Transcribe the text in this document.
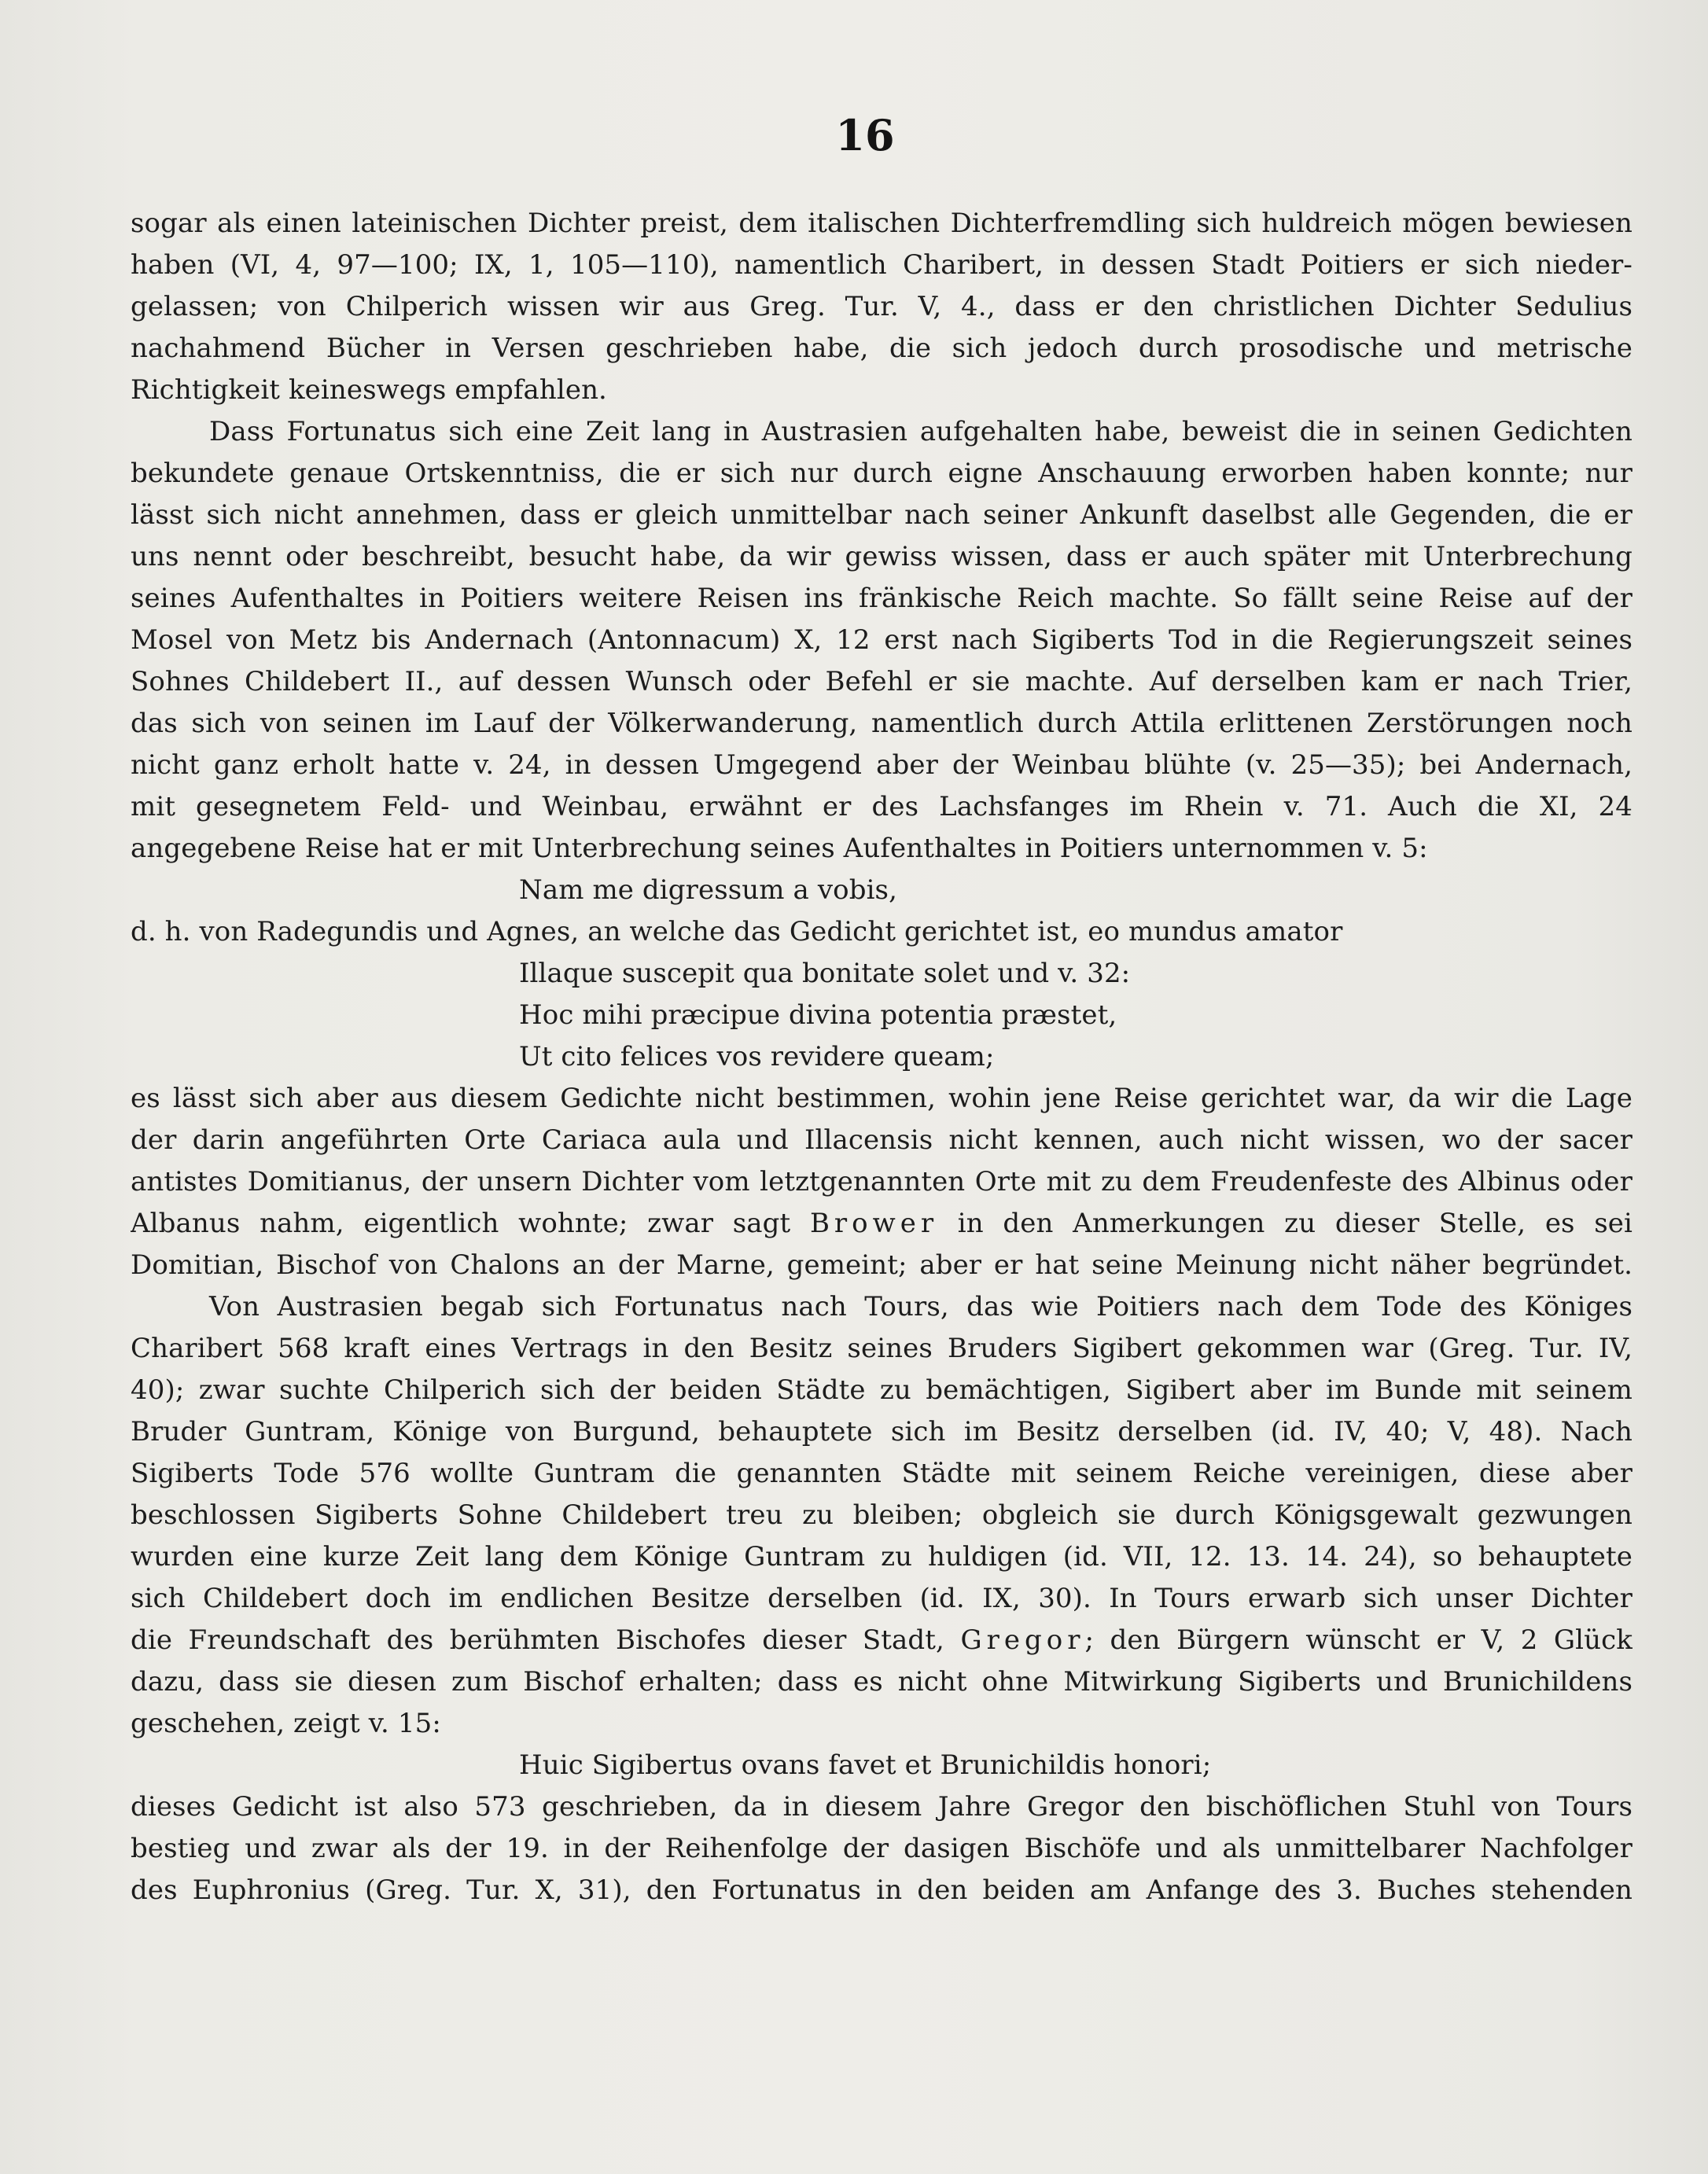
16
sogar als einen lateinischen Dichter preist, dem italischen Dichterfremdling sich huldreich mögen bewiesen
haben (VI, 4, 97—100; IX, 1, 105—110), namentlich Charibert, in dessen Stadt Poitiers er sich nieder-
gelassen; von Chilperich wissen wir aus Greg. Tur. V, 4., dass er den christlichen Dichter Sedulius
nachahmend Bücher in Versen geschrieben habe, die sich jedoch durch prosodische und metrische
Richtigkeit keineswegs empfahlen.
Dass Fortunatus sich eine Zeit lang in Austrasien aufgehalten habe, beweist die in seinen Gedichten
bekundete genaue Ortskenntniss, die er sich nur durch eigne Anschauung erworben haben konnte; nur
lässt sich nicht annehmen, dass er gleich unmittelbar nach seiner Ankunft daselbst alle Gegenden, die er
uns nennt oder beschreibt, besucht habe, da wir gewiss wissen, dass er auch später mit Unterbrechung
seines Aufenthaltes in Poitiers weitere Reisen ins fränkische Reich machte. So fällt seine Reise auf der
Mosel von Metz bis Andernach (Antonnacum) X, 12 erst nach Sigiberts Tod in die Regierungszeit seines
Sohnes Childebert II., auf dessen Wunsch oder Befehl er sie machte. Auf derselben kam er nach Trier,
das sich von seinen im Lauf der Völkerwanderung, namentlich durch Attila erlittenen Zerstörungen noch
nicht ganz erholt hatte v. 24, in dessen Umgegend aber der Weinbau blühte (v. 25—35); bei Andernach,
mit gesegnetem Feld- und Weinbau, erwähnt er des Lachsfanges im Rhein v. 71. Auch die XI, 24
angegebene Reise hat er mit Unterbrechung seines Aufenthaltes in Poitiers unternommen v. 5:
Nam me digressum a vobis,
d. h. von Radegundis und Agnes, an welche das Gedicht gerichtet ist, eo mundus amator
Illaque suscepit qua bonitate solet und v. 32:
Hoc mihi præcipue divina potentia præstet,
Ut cito felices vos revidere queam;
es lässt sich aber aus diesem Gedichte nicht bestimmen, wohin jene Reise gerichtet war, da wir die Lage
der darin angeführten Orte Cariaca aula und Illacensis nicht kennen, auch nicht wissen, wo der sacer
antistes Domitianus, der unsern Dichter vom letztgenannten Orte mit zu dem Freudenfeste des Albinus oder
Albanus nahm, eigentlich wohnte; zwar sagt Brower in den Anmerkungen zu dieser Stelle, es sei
Domitian, Bischof von Chalons an der Marne, gemeint; aber er hat seine Meinung nicht näher begründet.
Von Austrasien begab sich Fortunatus nach Tours, das wie Poitiers nach dem Tode des Königes
Charibert 568 kraft eines Vertrags in den Besitz seines Bruders Sigibert gekommen war (Greg. Tur. IV,
40); zwar suchte Chilperich sich der beiden Städte zu bemächtigen, Sigibert aber im Bunde mit seinem
Bruder Guntram, Könige von Burgund, behauptete sich im Besitz derselben (id. IV, 40; V, 48). Nach
Sigiberts Tode 576 wollte Guntram die genannten Städte mit seinem Reiche vereinigen, diese aber
beschlossen Sigiberts Sohne Childebert treu zu bleiben; obgleich sie durch Königsgewalt gezwungen
wurden eine kurze Zeit lang dem Könige Guntram zu huldigen (id. VII, 12. 13. 14. 24), so behauptete
sich Childebert doch im endlichen Besitze derselben (id. IX, 30). In Tours erwarb sich unser Dichter
die Freundschaft des berühmten Bischofes dieser Stadt, Gregor; den Bürgern wünscht er V, 2 Glück
dazu, dass sie diesen zum Bischof erhalten; dass es nicht ohne Mitwirkung Sigiberts und Brunichildens
geschehen, zeigt v. 15:
Huic Sigibertus ovans favet et Brunichildis honori;
dieses Gedicht ist also 573 geschrieben, da in diesem Jahre Gregor den bischöflichen Stuhl von Tours
bestieg und zwar als der 19. in der Reihenfolge der dasigen Bischöfe und als unmittelbarer Nachfolger
des Euphronius (Greg. Tur. X, 31), den Fortunatus in den beiden am Anfange des 3. Buches stehenden
